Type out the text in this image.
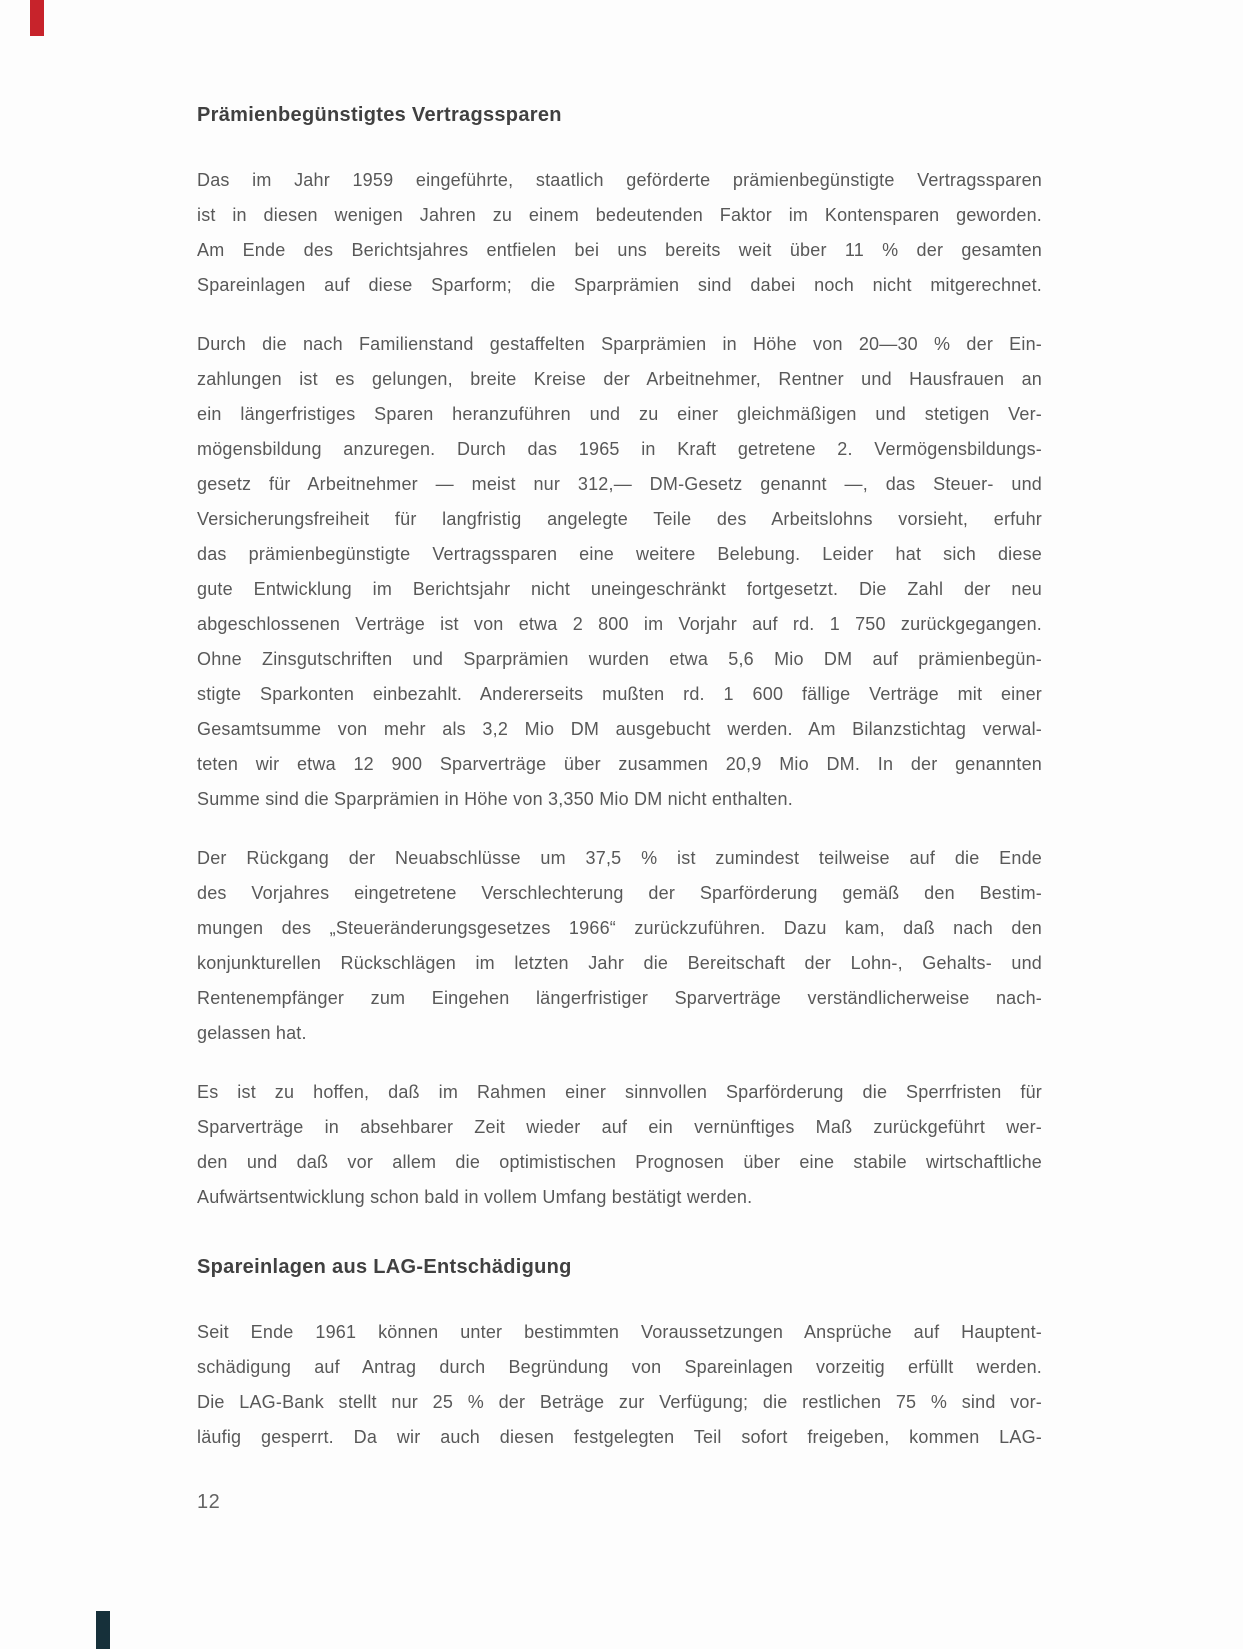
Prämienbegünstigtes Vertragssparen
Das im Jahr 1959 eingeführte, staatlich geförderte prämienbegünstigte Vertragssparen
ist in diesen wenigen Jahren zu einem bedeutenden Faktor im Kontensparen geworden.
Am Ende des Berichtsjahres entfielen bei uns bereits weit über 11 % der gesamten
Spareinlagen auf diese Sparform; die Sparprämien sind dabei noch nicht mitgerechnet.
Durch die nach Familienstand gestaffelten Sparprämien in Höhe von 20—30 % der Ein-
zahlungen ist es gelungen, breite Kreise der Arbeitnehmer, Rentner und Hausfrauen an
ein längerfristiges Sparen heranzuführen und zu einer gleichmäßigen und stetigen Ver-
mögensbildung anzuregen. Durch das 1965 in Kraft getretene 2. Vermögensbildungs-
gesetz für Arbeitnehmer — meist nur 312,— DM-Gesetz genannt —, das Steuer- und
Versicherungsfreiheit für langfristig angelegte Teile des Arbeitslohns vorsieht, erfuhr
das prämienbegünstigte Vertragssparen eine weitere Belebung. Leider hat sich diese
gute Entwicklung im Berichtsjahr nicht uneingeschränkt fortgesetzt. Die Zahl der neu
abgeschlossenen Verträge ist von etwa 2 800 im Vorjahr auf rd. 1 750 zurückgegangen.
Ohne Zinsgutschriften und Sparprämien wurden etwa 5,6 Mio DM auf prämienbegün-
stigte Sparkonten einbezahlt. Andererseits mußten rd. 1 600 fällige Verträge mit einer
Gesamtsumme von mehr als 3,2 Mio DM ausgebucht werden. Am Bilanzstichtag verwal-
teten wir etwa 12 900 Sparverträge über zusammen 20,9 Mio DM. In der genannten
Summe sind die Sparprämien in Höhe von 3,350 Mio DM nicht enthalten.
Der Rückgang der Neuabschlüsse um 37,5 % ist zumindest teilweise auf die Ende
des Vorjahres eingetretene Verschlechterung der Sparförderung gemäß den Bestim-
mungen des „Steueränderungsgesetzes 1966“ zurückzuführen. Dazu kam, daß nach den
konjunkturellen Rückschlägen im letzten Jahr die Bereitschaft der Lohn-, Gehalts- und
Rentenempfänger zum Eingehen längerfristiger Sparverträge verständlicherweise nach-
gelassen hat.
Es ist zu hoffen, daß im Rahmen einer sinnvollen Sparförderung die Sperrfristen für
Sparverträge in absehbarer Zeit wieder auf ein vernünftiges Maß zurückgeführt wer-
den und daß vor allem die optimistischen Prognosen über eine stabile wirtschaftliche
Aufwärtsentwicklung schon bald in vollem Umfang bestätigt werden.
Spareinlagen aus LAG-Entschädigung
Seit Ende 1961 können unter bestimmten Voraussetzungen Ansprüche auf Hauptent-
schädigung auf Antrag durch Begründung von Spareinlagen vorzeitig erfüllt werden.
Die LAG-Bank stellt nur 25 % der Beträge zur Verfügung; die restlichen 75 % sind vor-
läufig gesperrt. Da wir auch diesen festgelegten Teil sofort freigeben, kommen LAG-
12
